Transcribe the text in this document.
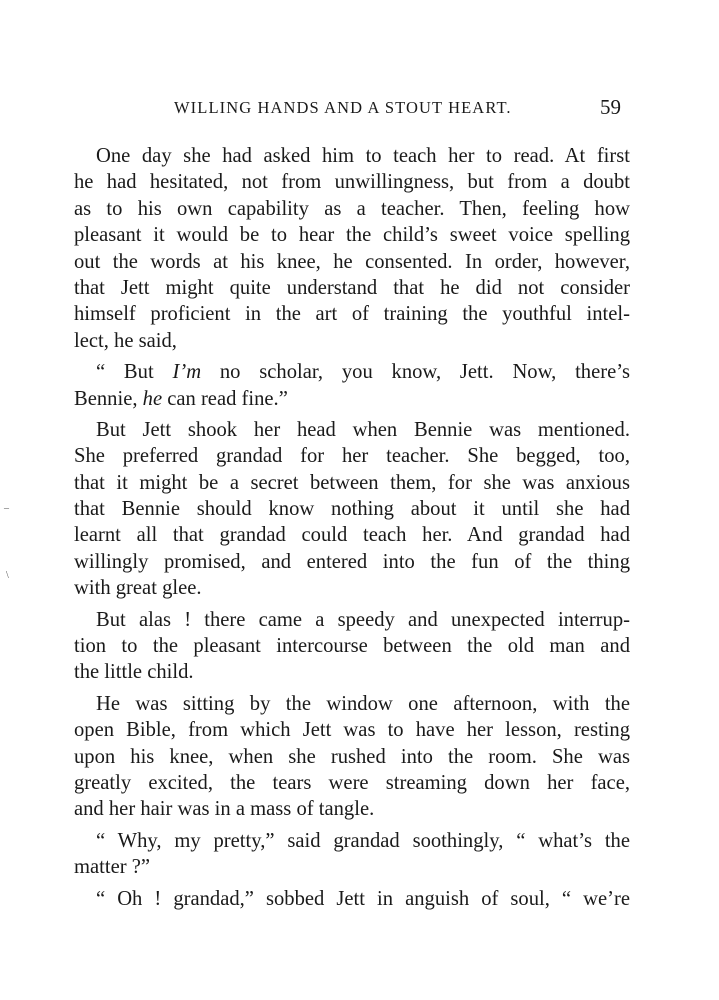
WILLING HANDS AND A STOUT HEART.	59
One day she had asked him to teach her to read. At first
he had hesitated, not from unwillingness, but from a doubt
as to his own capability as a teacher. Then, feeling how
pleasant it would be to hear the child’s sweet voice spelling
out the words at his knee, he consented. In order, however,
that Jett might quite understand that he did not consider
himself proficient in the art of training the youthful intel-
lect, he said,
“ But I’m no scholar, you know, Jett. Now, there’s
Bennie, he can read fine.”
But Jett shook her head when Bennie was mentioned.
She preferred grandad for her teacher. She begged, too,
that it might be a secret between them, for she was anxious
that Bennie should know nothing about it until she had
learnt all that grandad could teach her. And grandad had
willingly promised, and entered into the fun of the thing
with great glee.
But alas ! there came a speedy and unexpected interrup-
tion to the pleasant intercourse between the old man and
the little child.
He was sitting by the window one afternoon, with the
open Bible, from which Jett was to have her lesson, resting
upon his knee, when she rushed into the room. She was
greatly excited, the tears were streaming down her face,
and her hair was in a mass of tangle.
“ Why, my pretty,” said grandad soothingly, “ what’s the
matter ?”
“ Oh ! grandad,” sobbed Jett in anguish of soul, “ we’re
–
\
